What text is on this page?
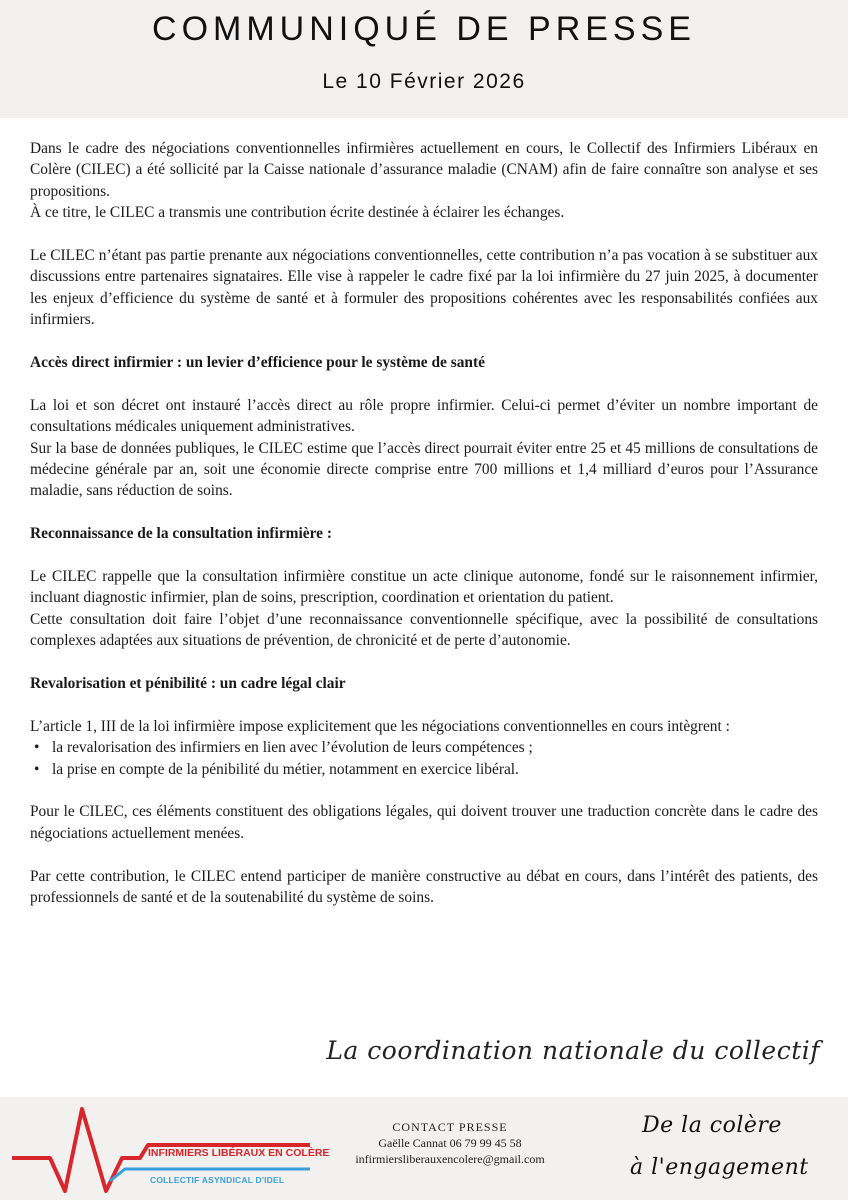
COMMUNIQUÉ DE PRESSE
Le 10 Février 2026

Dans le cadre des négociations conventionnelles infirmières actuellement en cours, le Collectif des Infirmiers Libéraux en Colère (CILEC) a été sollicité par la Caisse nationale d’assurance maladie (CNAM) afin de faire connaître son analyse et ses propositions.

À ce titre, le CILEC a transmis une contribution écrite destinée à éclairer les échanges.

Le CILEC n’étant pas partie prenante aux négociations conventionnelles, cette contribution n’a pas vocation à se substituer aux discussions entre partenaires signataires. Elle vise à rappeler le cadre fixé par la loi infirmière du 27 juin 2025, à documenter les enjeux d’efficience du système de santé et à formuler des propositions cohérentes avec les responsabilités confiées aux infirmiers.

Accès direct infirmier : un levier d’efficience pour le système de santé

La loi et son décret ont instauré l’accès direct au rôle propre infirmier. Celui-ci permet d’éviter un nombre important de consultations médicales uniquement administratives.

Sur la base de données publiques, le CILEC estime que l’accès direct pourrait éviter entre 25 et 45 millions de consultations de médecine générale par an, soit une économie directe comprise entre 700 millions et 1,4 milliard d’euros pour l’Assurance maladie, sans réduction de soins.

Reconnaissance de la consultation infirmière :

Le CILEC rappelle que la consultation infirmière constitue un acte clinique autonome, fondé sur le raisonnement infirmier, incluant diagnostic infirmier, plan de soins, prescription, coordination et orientation du patient.

Cette consultation doit faire l’objet d’une reconnaissance conventionnelle spécifique, avec la possibilité de consultations complexes adaptées aux situations de prévention, de chronicité et de perte d’autonomie.

Revalorisation et pénibilité : un cadre légal clair

L’article 1, III de la loi infirmière impose explicitement que les négociations conventionnelles en cours intègrent :

• la revalorisation des infirmiers en lien avec l’évolution de leurs compétences ;
• la prise en compte de la pénibilité du métier, notamment en exercice libéral.

Pour le CILEC, ces éléments constituent des obligations légales, qui doivent trouver une traduction concrète dans le cadre des négociations actuellement menées.

Par cette contribution, le CILEC entend participer de manière constructive au débat en cours, dans l’intérêt des patients, des professionnels de santé et de la soutenabilité du système de soins.

La coordination nationale du collectif
INFIRMIERS LIBÉRAUX EN COLÈRE
COLLECTIF ASYNDICAL D'IDEL
CONTACT PRESSE
Gaëlle Cannat 06 79 99 45 58
infirmiersliberauxencolere@gmail.com
De la colère
à l'engagement
